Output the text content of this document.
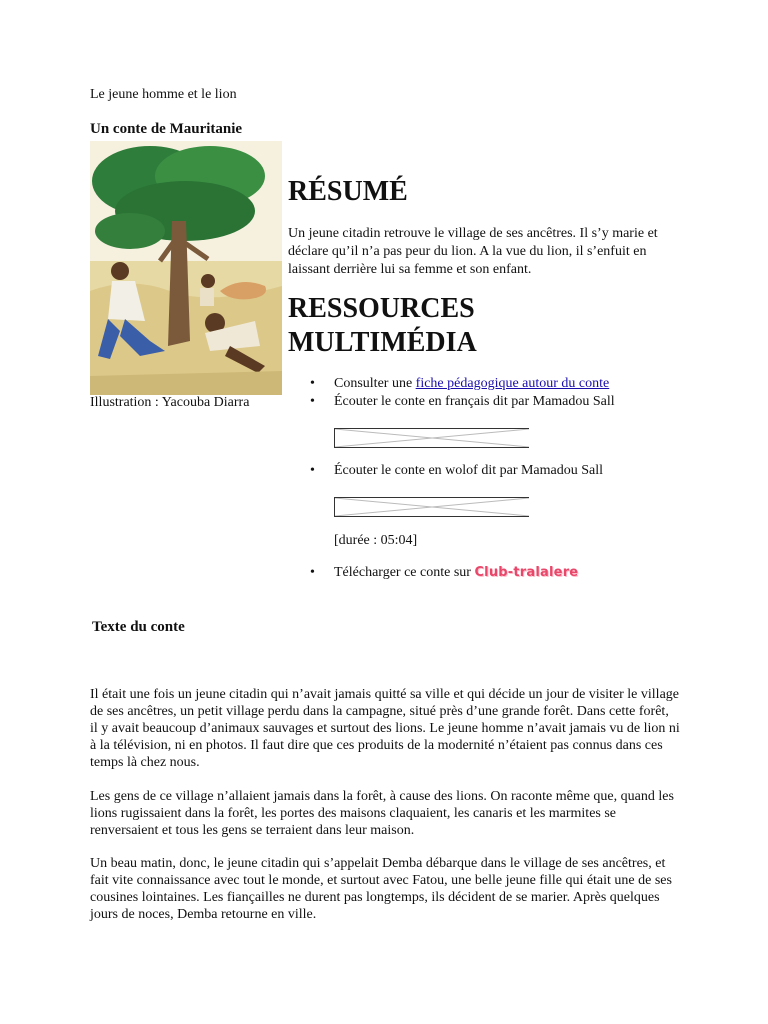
Le jeune homme et le lion
Un conte de Mauritanie
Illustration : Yacouba Diarra
RÉSUMÉ

Un jeune citadin retrouve le village de ses ancêtres. Il s’y marie et déclare qu’il n’a pas peur du lion. A la vue du lion, il s’enfuit en laissant derrière lui sa femme et son enfant.

RESSOURCES MULTIMÉDIA
• Consulter une fiche pédagogique autour du conte
• Écouter le conte en français dit par Mamadou Sall
• Écouter le conte en wolof dit par Mamadou Sall
• Télécharger ce conte sur Club-tralalere
[durée : 05:04]
Texte du conte

Il était une fois un jeune citadin qui n’avait jamais quitté sa ville et qui décide un jour de visiter le village de ses ancêtres, un petit village perdu dans la campagne, situé près d’une grande forêt. Dans cette forêt, il y avait beaucoup d’animaux sauvages et surtout des lions. Le jeune homme n’avait jamais vu de lion ni à la télévision, ni en photos. Il faut dire que ces produits de la modernité n’étaient pas connus dans ces temps là chez nous.

Les gens de ce village n’allaient jamais dans la forêt, à cause des lions. On raconte même que, quand les lions rugissaient dans la forêt, les portes des maisons claquaient, les canaris et les marmites se renversaient et tous les gens se terraient dans leur maison.

Un beau matin, donc, le jeune citadin qui s’appelait Demba débarque dans le village de ses ancêtres, et fait vite connaissance avec tout le monde, et surtout avec Fatou, une belle jeune fille qui était une de ses cousines lointaines. Les fiançailles ne durent pas longtemps, ils décident de se marier. Après quelques jours de noces, Demba retourne en ville.
